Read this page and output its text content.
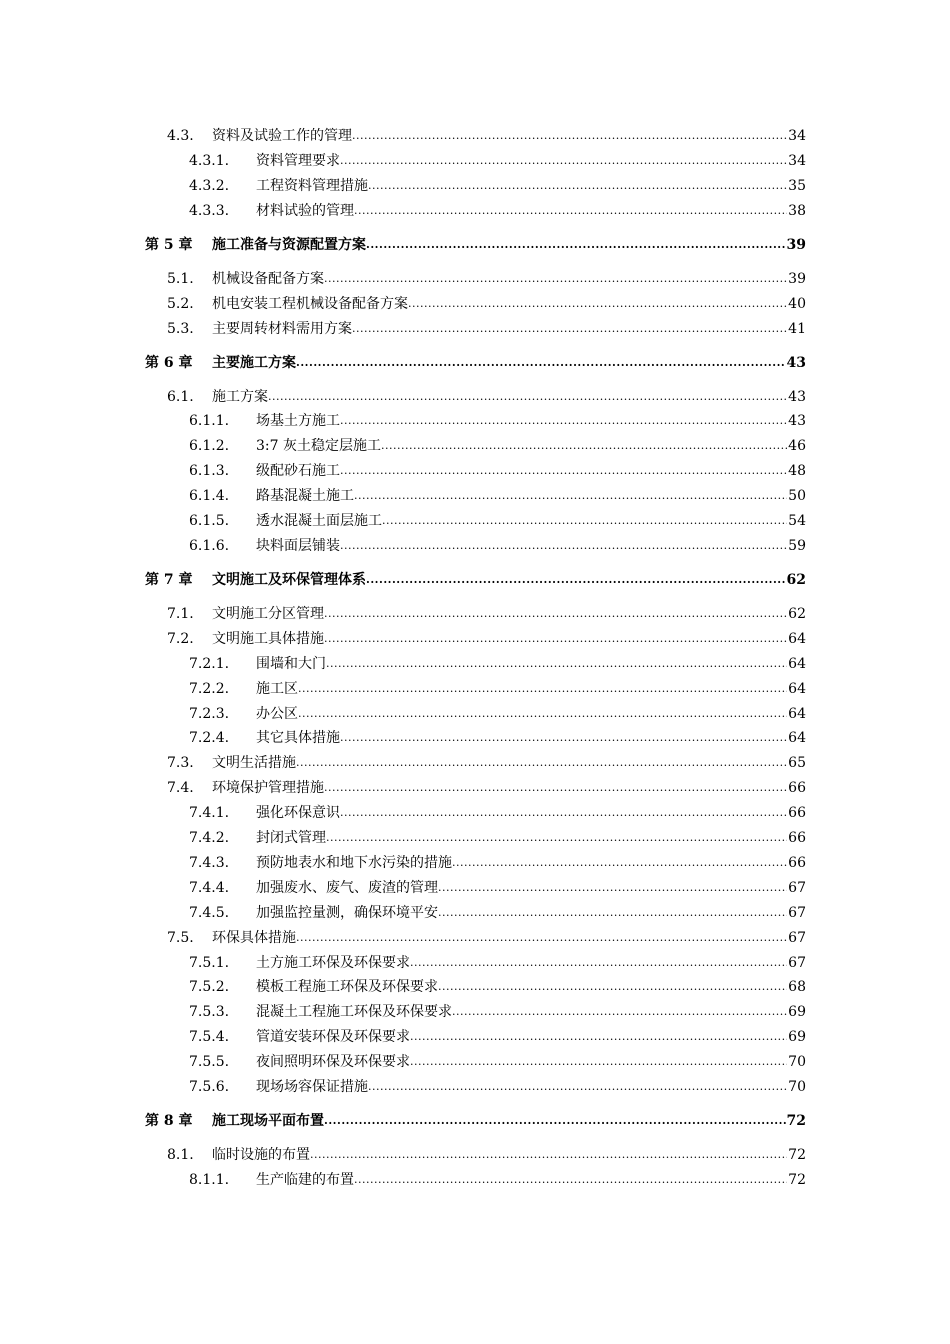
4.3. 资料及试验工作的管理 .....	34
4.3.1. 资料管理要求 .....	34
4.3.2. 工程资料管理措施 .....	35
4.3.3. 材料试验的管理 .....	38
第 5 章 施工准备与资源配置方案 .....	39
5.1. 机械设备配备方案 .....	39
5.2. 机电安装工程机械设备配备方案 .....	40
5.3. 主要周转材料需用方案 .....	41
第 6 章 主要施工方案 .....	43
6.1. 施工方案 .....	43
6.1.1. 场基土方施工 .....	43
6.1.2. 3:7 灰土稳定层施工 .....	46
6.1.3. 级配砂石施工 .....	48
6.1.4. 路基混凝土施工 .....	50
6.1.5. 透水混凝土面层施工 .....	54
6.1.6. 块料面层铺装 .....	59
第 7 章 文明施工及环保管理体系 .....	62
7.1. 文明施工分区管理 .....	62
7.2. 文明施工具体措施 .....	64
7.2.1. 围墙和大门 .....	64
7.2.2. 施工区 .....	64
7.2.3. 办公区 .....	64
7.2.4. 其它具体措施 .....	64
7.3. 文明生活措施 .....	65
7.4. 环境保护管理措施 .....	66
7.4.1. 强化环保意识 .....	66
7.4.2. 封闭式管理 .....	66
7.4.3. 预防地表水和地下水污染的措施 .....	66
7.4.4. 加强废水、废气、废渣的管理 .....	67
7.4.5. 加强监控量测，确保环境平安 .....	67
7.5. 环保具体措施 .....	67
7.5.1. 土方施工环保及环保要求 .....	67
7.5.2. 模板工程施工环保及环保要求 .....	68
7.5.3. 混凝土工程施工环保及环保要求 .....	69
7.5.4. 管道安装环保及环保要求 .....	69
7.5.5. 夜间照明环保及环保要求 .....	70
7.5.6. 现场场容保证措施 .....	70
第 8 章 施工现场平面布置 .....	72
8.1. 临时设施的布置 .....	72
8.1.1. 生产临建的布置 .....	72
